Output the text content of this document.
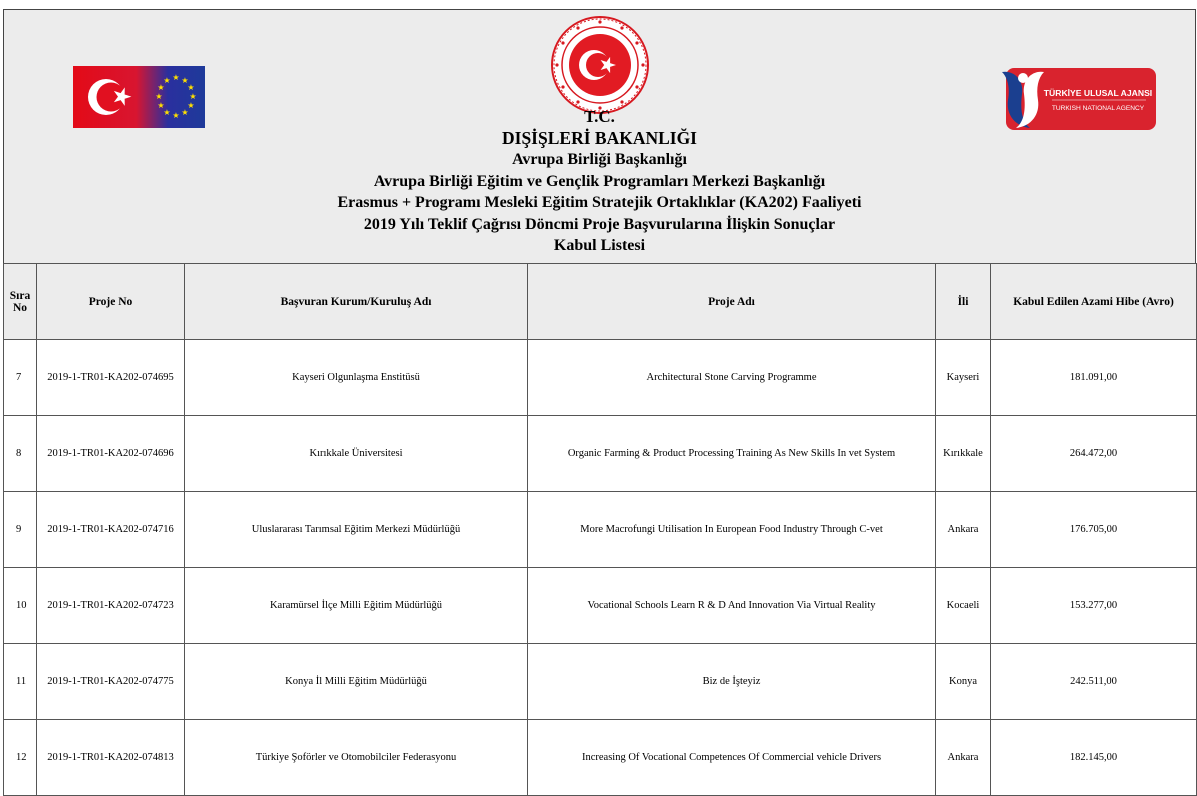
★ ★
★
★
★
★
★
★
★
★
★
★
TÜRKİYE ULUSAL AJANSI
TURKISH NATIONAL AGENCY
T.C.
DIŞİŞLERİ BAKANLIĞI
Avrupa Birliği Başkanlığı
Avrupa Birliği Eğitim ve Gençlik Programları Merkezi Başkanlığı
Erasmus + Programı Mesleki Eğitim Stratejik Ortaklıklar (KA202) Faaliyeti
2019 Yılı Teklif Çağrısı Döncmi Proje Başvurularına İlişkin Sonuçlar
Kabul Listesi
Sıra No	Proje No	Başvuran Kurum/Kuruluş Adı	Proje Adı	İli	Kabul Edilen Azami Hibe (Avro)
7	2019-1-TR01-KA202-074695	Kayseri Olgunlaşma Enstitüsü	Architectural Stone Carving Programme	Kayseri	181.091,00
8	2019-1-TR01-KA202-074696	Kırıkkale Üniversitesi	Organic Farming & Product Processing Training As New Skills In vet System	Kırıkkale	264.472,00
9	2019-1-TR01-KA202-074716	Uluslararası Tarımsal Eğitim Merkezi Müdürlüğü	More Macrofungi Utilisation In European Food Industry Through C-vet	Ankara	176.705,00
10	2019-1-TR01-KA202-074723	Karamürsel İlçe Milli Eğitim Müdürlüğü	Vocational Schools Learn R & D And Innovation Via Virtual Reality	Kocaeli	153.277,00
11	2019-1-TR01-KA202-074775	Konya İl Milli Eğitim Müdürlüğü	Biz de İşteyiz	Konya	242.511,00
12	2019-1-TR01-KA202-074813	Türkiye Şoförler ve Otomobilciler Federasyonu	Increasing Of Vocational Competences Of Commercial vehicle Drivers	Ankara	182.145,00
